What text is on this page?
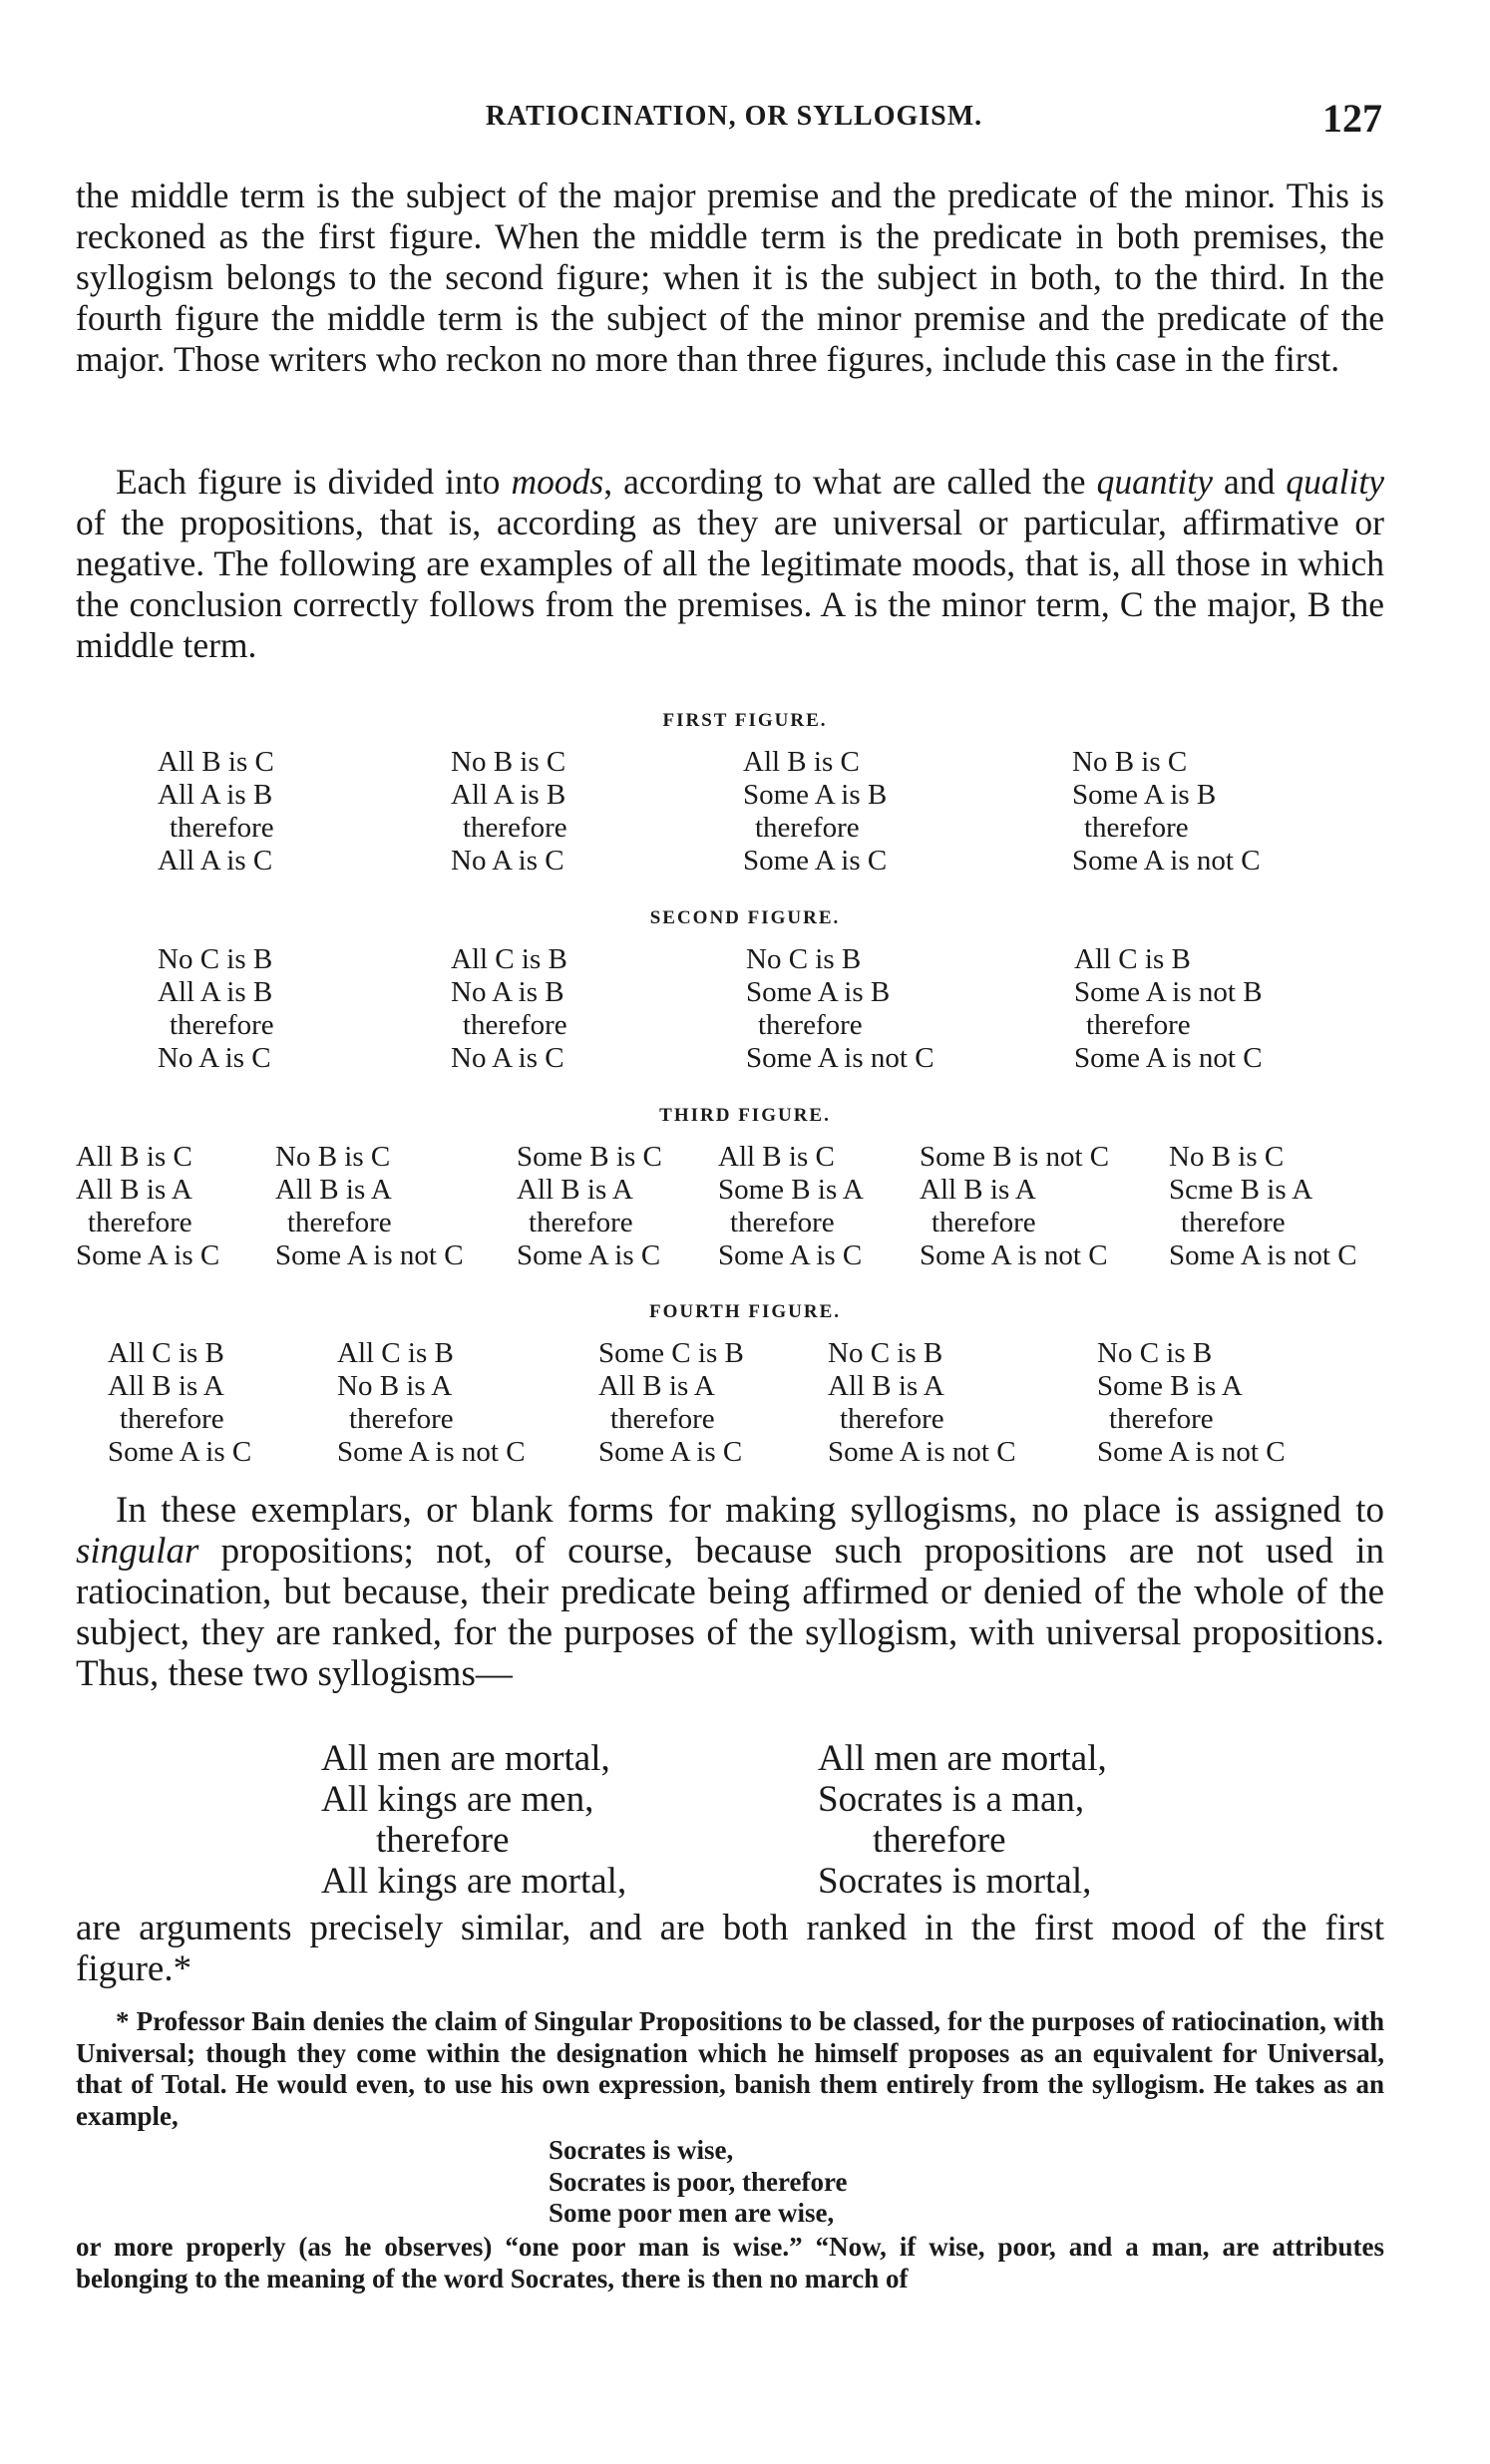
RATIOCINATION, OR SYLLOGISM.	127

the middle term is the subject of the major premise and the predicate of the minor. This is reckoned as the first figure. When the middle term is the predicate in both premises, the syllogism belongs to the second figure; when it is the subject in both, to the third. In the fourth figure the middle term is the subject of the minor premise and the predicate of the major. Those writers who reckon no more than three figures, include this case in the first.

Each figure is divided into moods, according to what are called the quantity and quality of the propositions, that is, according as they are universal or particular, affirmative or negative. The following are examples of all the legitimate moods, that is, all those in which the conclusion correctly follows from the premises. A is the minor term, C the major, B the middle term.

FIRST FIGURE.
All B is C
All A is B
therefore
All A is C
No B is C
All A is B
therefore
No A is C
All B is C
Some A is B
therefore
Some A is C
No B is C
Some A is B
therefore
Some A is not C
SECOND FIGURE.
No C is B
All A is B
therefore
No A is C
All C is B
No A is B
therefore
No A is C
No C is B
Some A is B
therefore
Some A is not C
All C is B
Some A is not B
therefore
Some A is not C
THIRD FIGURE.
All B is C
All B is A
therefore
Some A is C
No B is C
All B is A
therefore
Some A is not C
Some B is C
All B is A
therefore
Some A is C
All B is C
Some B is A
therefore
Some A is C
Some B is not C
All B is A
therefore
Some A is not C
No B is C
Scme B is A
therefore
Some A is not C
FOURTH FIGURE.
All C is B
All B is A
therefore
Some A is C
All C is B
No B is A
therefore
Some A is not C
Some C is B
All B is A
therefore
Some A is C
No C is B
All B is A
therefore
Some A is not C
No C is B
Some B is A
therefore
Some A is not C

In these exemplars, or blank forms for making syllogisms, no place is assigned to singular propositions; not, of course, because such propositions are not used in ratiocination, but because, their predicate being affirmed or denied of the whole of the subject, they are ranked, for the purposes of the syllogism, with universal propositions. Thus, these two syllogisms—

All men are mortal,
All kings are men,
therefore
All kings are mortal,
All men are mortal,
Socrates is a man,
therefore
Socrates is mortal,

are arguments precisely similar, and are both ranked in the first mood of the first figure.*

* Professor Bain denies the claim of Singular Propositions to be classed, for the purposes of ratiocination, with Universal; though they come within the designation which he himself proposes as an equivalent for Universal, that of Total. He would even, to use his own expression, banish them entirely from the syllogism. He takes as an example,

Socrates is wise,
Socrates is poor, therefore
Some poor men are wise,

or more properly (as he observes) “one poor man is wise.” “Now, if wise, poor, and a man, are attributes belonging to the meaning of the word Socrates, there is then no march of
